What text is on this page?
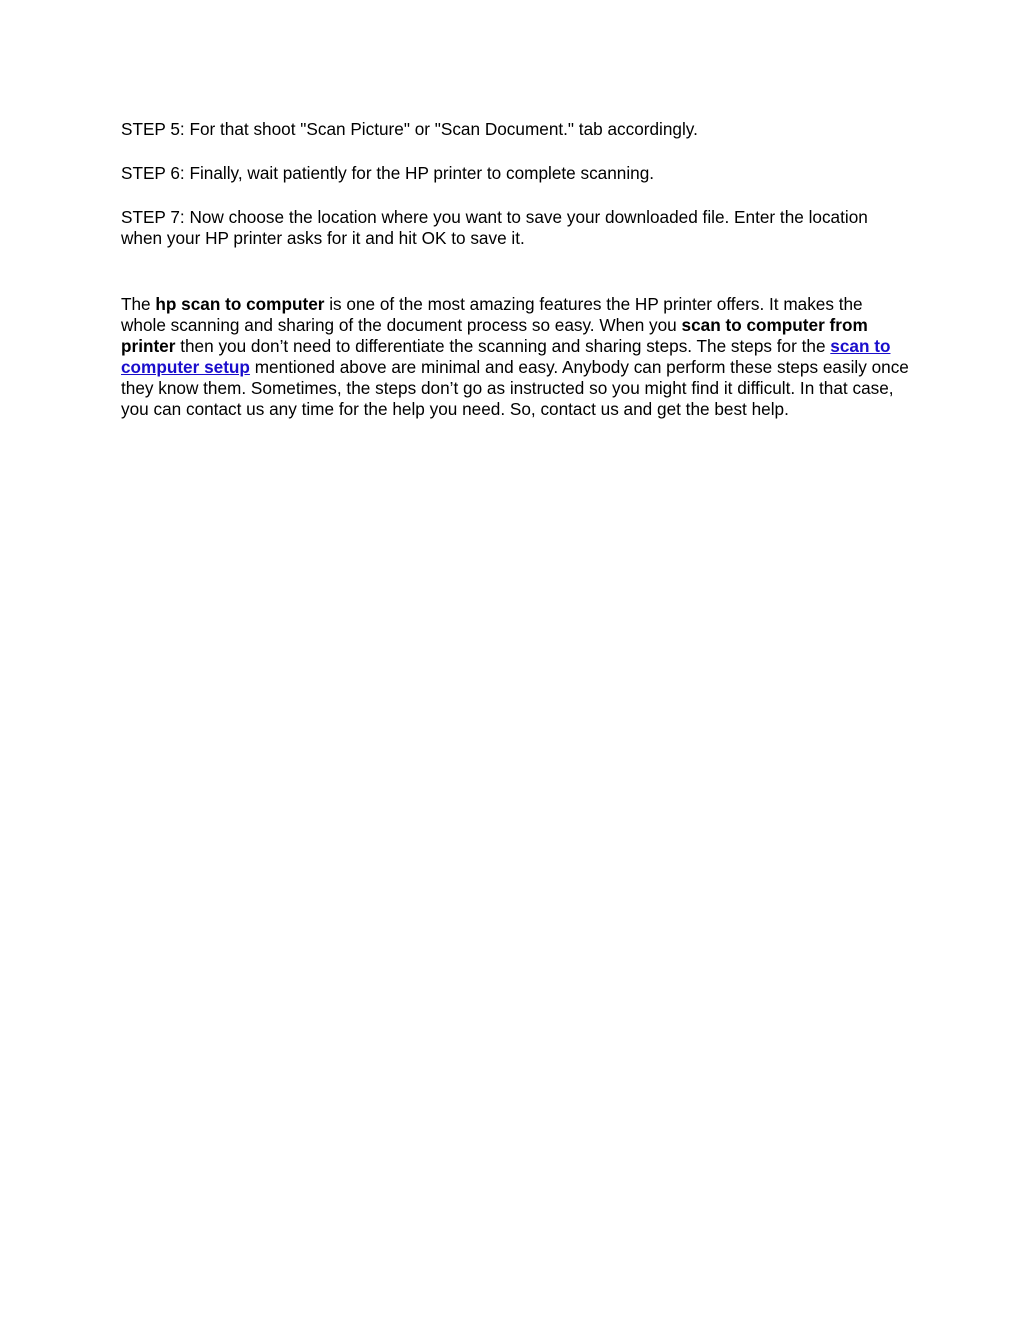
STEP 5: For that shoot "Scan Picture" or "Scan Document." tab accordingly.

STEP 6: Finally, wait patiently for the HP printer to complete scanning.

STEP 7: Now choose the location where you want to save your downloaded file. Enter the location when your HP printer asks for it and hit OK to save it.

The hp scan to computer is one of the most amazing features the HP printer offers. It makes the whole scanning and sharing of the document process so easy. When you scan to computer from printer then you don’t need to differentiate the scanning and sharing steps. The steps for the scan to computer setup mentioned above are minimal and easy. Anybody can perform these steps easily once they know them. Sometimes, the steps don’t go as instructed so you might find it difficult. In that case, you can contact us any time for the help you need. So, contact us and get the best help.
